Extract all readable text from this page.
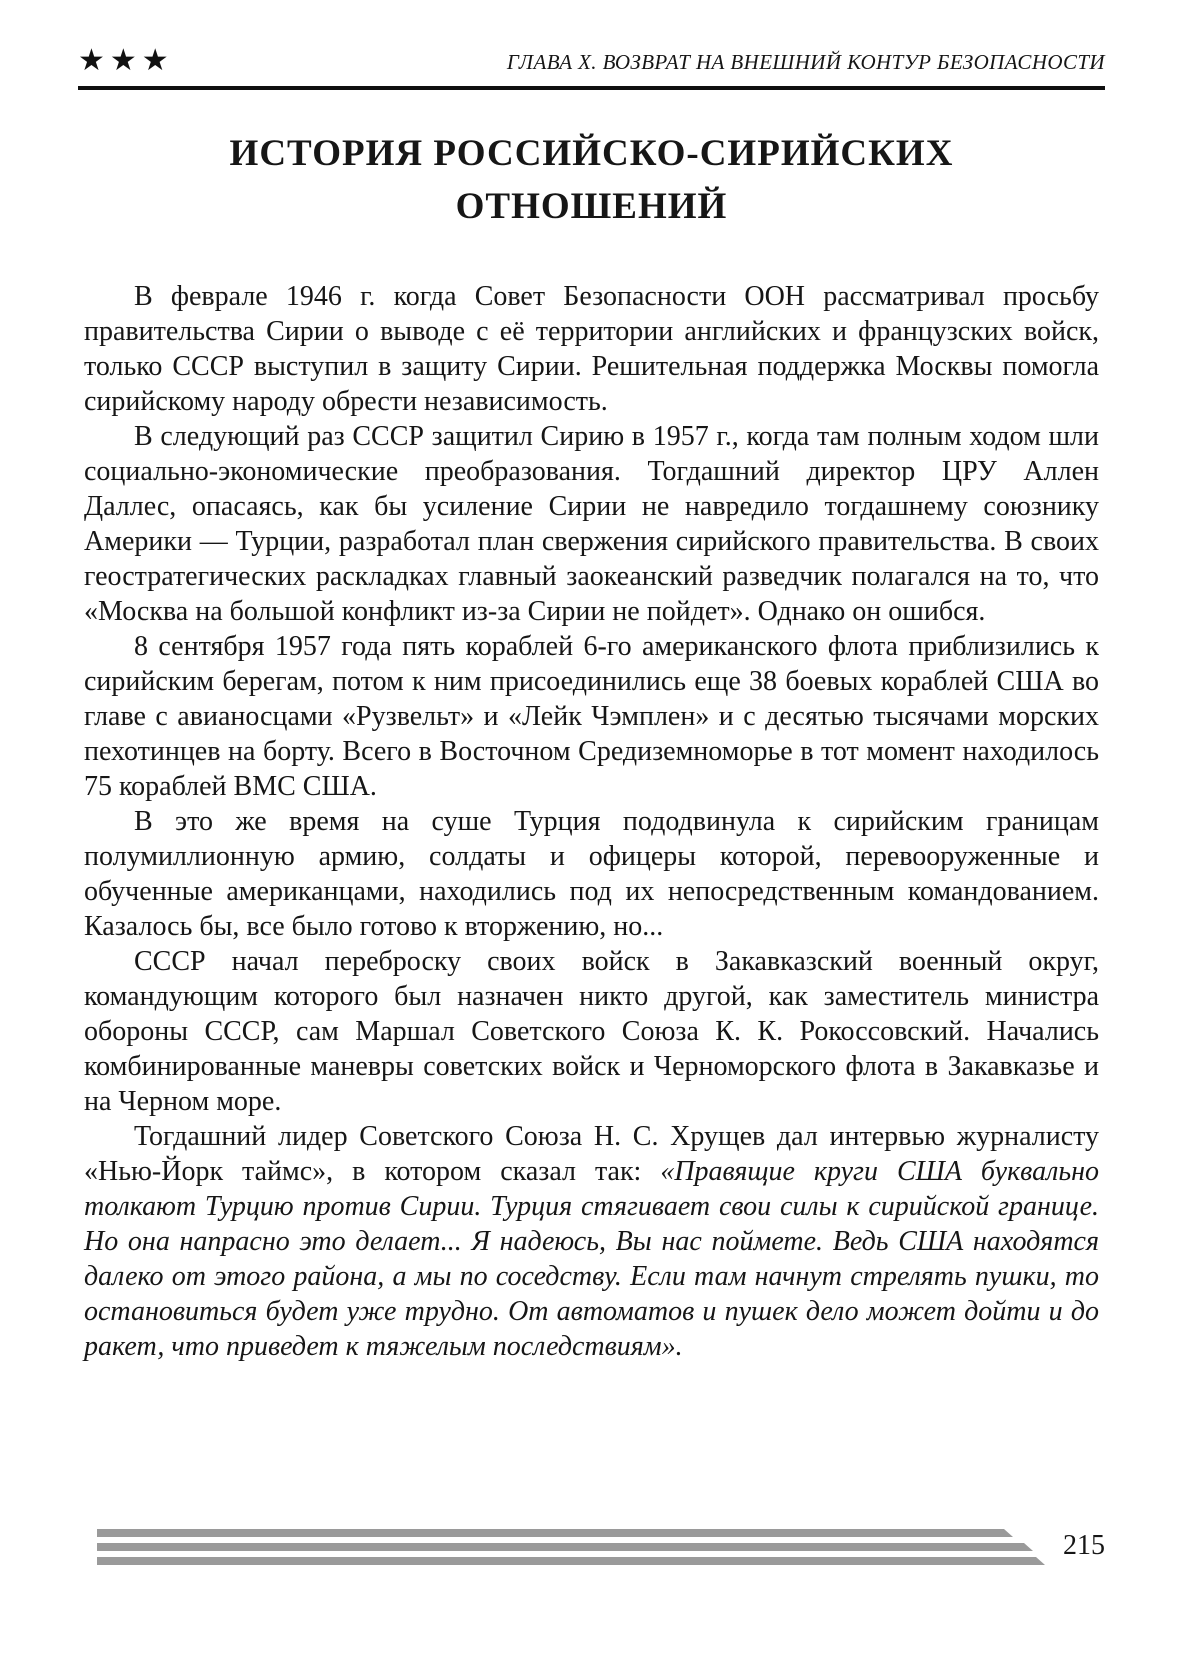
★★★	ГЛАВА X. ВОЗВРАТ НА ВНЕШНИЙ КОНТУР БЕЗОПАСНОСТИ
ИСТОРИЯ РОССИЙСКО-СИРИЙСКИХ
ОТНОШЕНИЙ

В феврале 1946 г. когда Совет Безопасности ООН рассматривал просьбу правительства Сирии о выводе с её территории английских и французских войск, только СССР выступил в защиту Сирии. Решительная поддержка Москвы помогла сирийскому народу обрести независимость.

В следующий раз СССР защитил Сирию в 1957 г., когда там полным ходом шли социально-экономические преобразования. Тогдашний директор ЦРУ Аллен Даллес, опасаясь, как бы усиление Сирии не навредило тогдашнему союзнику Америки — Турции, разработал план свержения сирийского правительства. В своих геостратегических раскладках главный заокеанский разведчик полагался на то, что «Москва на большой конфликт из-за Сирии не пойдет». Однако он ошибся.

8 сентября 1957 года пять кораблей 6-го американского флота приблизились к сирийским берегам, потом к ним присоединились еще 38 боевых кораблей США во главе с авианосцами «Рузвельт» и «Лейк Чэмплен» и с десятью тысячами морских пехотинцев на борту. Всего в Восточном Средиземноморье в тот момент находилось 75 кораблей ВМС США.

В это же время на суше Турция пододвинула к сирийским границам полумиллионную армию, солдаты и офицеры которой, перевооруженные и обученные американцами, находились под их непосредственным командованием. Казалось бы, все было готово к вторжению, но...

СССР начал переброску своих войск в Закавказский военный округ, командующим которого был назначен никто другой, как заместитель министра обороны СССР, сам Маршал Советского Союза К. К. Рокоссовский. Начались комбинированные маневры советских войск и Черноморского флота в Закавказье и на Черном море.

Тогдашний лидер Советского Союза Н. С. Хрущев дал интервью журналисту «Нью-Йорк таймс», в котором сказал так: «Правящие круги США буквально толкают Турцию против Сирии. Турция стягивает свои силы к сирийской границе. Но она напрасно это делает... Я надеюсь, Вы нас поймете. Ведь США находятся далеко от этого района, а мы по соседству. Если там начнут стрелять пушки, то остановиться будет уже трудно. От автоматов и пушек дело может дойти и до ракет, что приведет к тяжелым последствиям».

215
